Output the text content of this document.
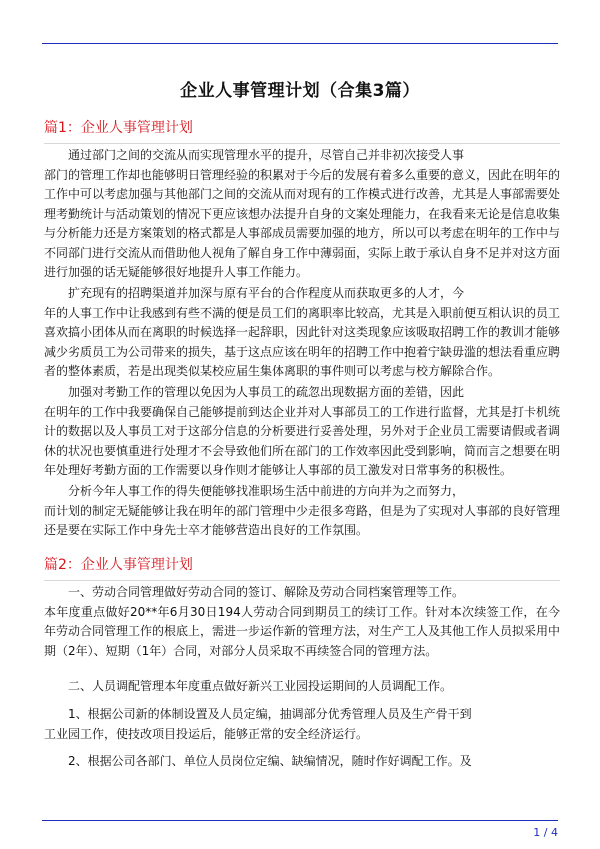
企业人事管理计划（合集3篇）
篇1：企业人事管理计划

通过部门之间的交流从而实现管理水平的提升，尽管自己并非初次接受人事
部门的管理工作却也能够明日管理经验的积累对于今后的发展有着多么重要的意义，因此在明年的工作中可以考虑加强与其他部门之间的交流从而对现有的工作模式进行改善，尤其是人事部需要处理考勤统计与活动策划的情况下更应该想办法提升自身的文案处理能力，在我看来无论是信息收集与分析能力还是方案策划的格式都是人事部成员需要加强的地方，所以可以考虑在明年的工作中与不同部门进行交流从而借助他人视角了解自身工作中薄弱面，实际上敢于承认自身不足并对这方面进行加强的话无疑能够很好地提升人事工作能力。

扩充现有的招聘渠道并加深与原有平台的合作程度从而获取更多的人才，今
年的人事工作中让我感到有些不满的便是员工们的离职率比较高，尤其是入职前便互相认识的员工喜欢搞小团体从而在离职的时候选择一起辞职，因此针对这类现象应该吸取招聘工作的教训才能够减少劣质员工为公司带来的损失，基于这点应该在明年的招聘工作中抱着宁缺毋滥的想法看重应聘者的整体素质，若是出现类似某校应届生集体离职的事件则可以考虑与校方解除合作。

加强对考勤工作的管理以免因为人事员工的疏忽出现数据方面的差错，因此
在明年的工作中我要确保自己能够提前到达企业并对人事部员工的工作进行监督，尤其是打卡机统计的数据以及人事员工对于这部分信息的分析要进行妥善处理，另外对于企业员工需要请假或者调休的状况也要慎重进行处理才不会导致他们所在部门的工作效率因此受到影响，简而言之想要在明年处理好考勤方面的工作需要以身作则才能够让人事部的员工激发对日常事务的积极性。

分析今年人事工作的得失便能够找准职场生活中前进的方向并为之而努力，
而计划的制定无疑能够让我在明年的部门管理中少走很多弯路，但是为了实现对人事部的良好管理还是要在实际工作中身先士卒才能够营造出良好的工作氛围。

篇2：企业人事管理计划

一、劳动合同管理做好劳动合同的签订、解除及劳动合同档案管理等工作。
本年度重点做好20**年6月30日194人劳动合同到期员工的续订工作。针对本次续签工作，在今年劳动合同管理工作的根底上，需进一步运作新的管理方法，对生产工人及其他工作人员拟采用中期（2年）、短期（1年）合同，对部分人员采取不再续签合同的管理方法。

二、人员调配管理本年度重点做好新兴工业园投运期间的人员调配工作。

1、根据公司新的体制设置及人员定编，抽调部分优秀管理人员及生产骨干到
工业园工作，使技改项目投运后，能够正常的安全经济运行。

2、根据公司各部门、单位人员岗位定编、缺编情况，随时作好调配工作。及

1 / 4
